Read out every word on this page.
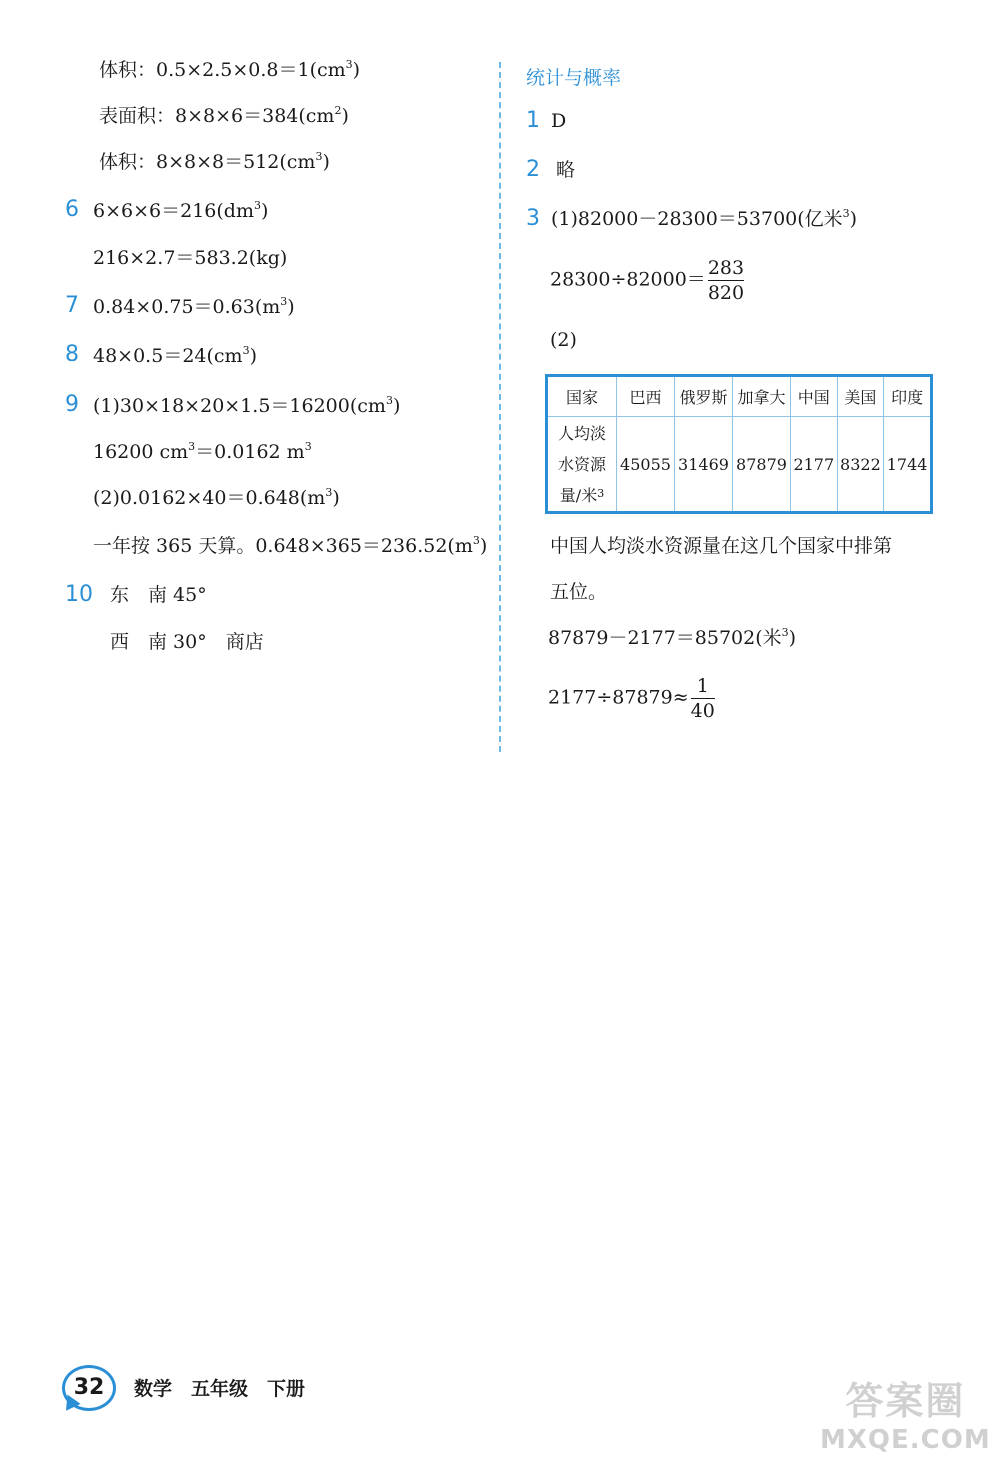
体积：$0.5\times 2.5\times 0.8=1(cm^3)$
表面积：$8\times 8\times 6=384(cm^2)$
体积：$8\times 8\times 8=512(cm^3)$
6 $6\times 6\times 6=216(dm^3)$
216×2.7＝583.2(kg)
7 $0.84\times 0.75=0.63(m^3)$
8 $48\times 0.5=24(cm^3)$
9 $(1)30\times 18\times 20\times 1.5=16200(cm^3)$
16200 $cm^3=0.0162$ $m^3$
$(2)0.0162\times 40=0.648(m^3)$
一年按 365 天算。$0.648\times 365=236.52(m^3)$
10 东　南 45°
西　南 30°　商店
统计与概率
1 D
2 略
3 (1)82000－28300＝53700(亿米$^3$)
$28300\div 82000= \frac{283}{820}$
(2)
国家	巴西	俄罗斯	加拿大	中国	美国	印度

人均淡
水资源
量/米$^3$	45055	31469	87879	2177	8322	1744
中国人均淡水资源量在这几个国家中排第
五位。
87879－2177＝85702(米$^3$)
$2177\div 87879\approx \frac{1}{40}$
32	数学　五年级　下册	答案圈
MXQE.COM
